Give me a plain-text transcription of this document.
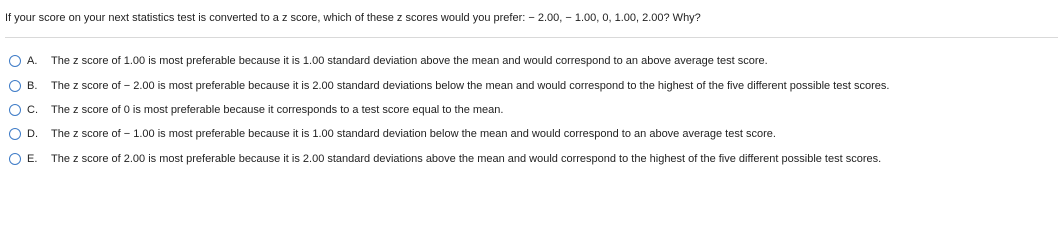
If your score on your next statistics test is converted to a z score, which of these z scores would you prefer: − 2.00, − 1.00, 0, 1.00, 2.00? Why?
A.	The z score of 1.00 is most preferable because it is 1.00 standard deviation above the mean and would correspond to an above average test score.
B.	The z score of − 2.00 is most preferable because it is 2.00 standard deviations below the mean and would correspond to the highest of the five different possible test scores.
C.	The z score of 0 is most preferable because it corresponds to a test score equal to the mean.
D.	The z score of − 1.00 is most preferable because it is 1.00 standard deviation below the mean and would correspond to an above average test score.
E.	The z score of 2.00 is most preferable because it is 2.00 standard deviations above the mean and would correspond to the highest of the five different possible test scores.
